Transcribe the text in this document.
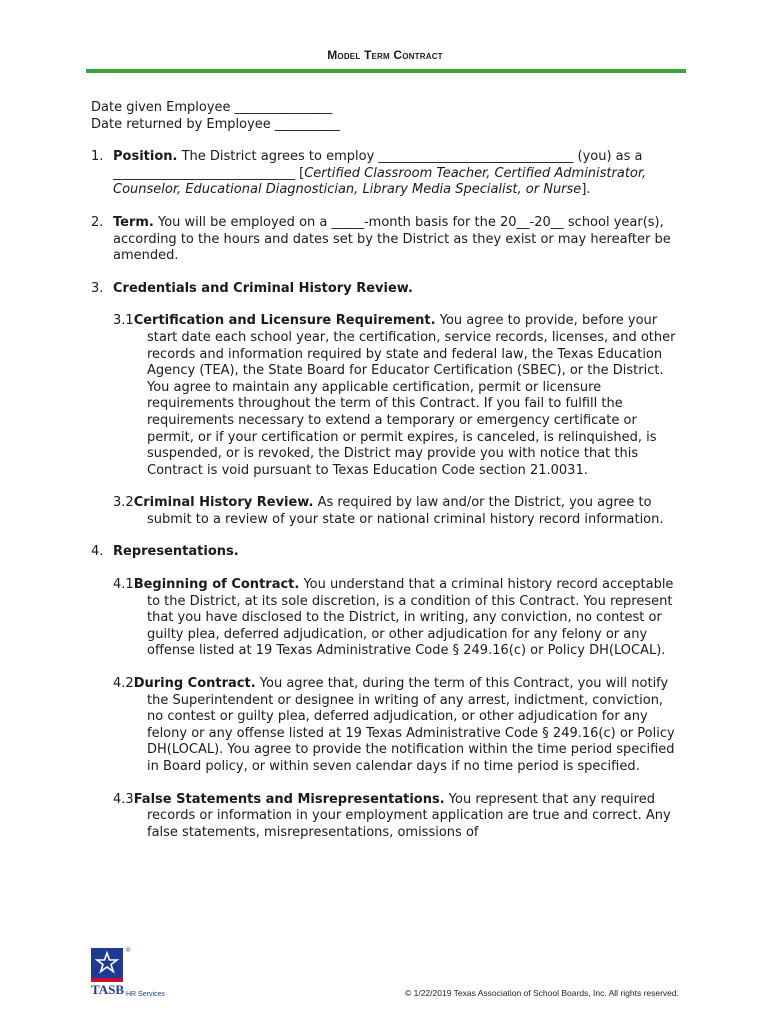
Model Term Contract

Date given Employee _______________

Date returned by Employee __________

1. Position. The District agrees to employ ______________________________ (you) as a ____________________________ [Certified Classroom Teacher, Certified Administrator, Counselor, Educational Diagnostician, Library Media Specialist, or Nurse].

2. Term. You will be employed on a _____-month basis for the 20__-20__ school year(s), according to the hours and dates set by the District as they exist or may hereafter be amended.

3. Credentials and Criminal History Review.

3.1Certification and Licensure Requirement. You agree to provide, before your start date each school year, the certification, service records, licenses, and other records and information required by state and federal law, the Texas Education Agency (TEA), the State Board for Educator Certification (SBEC), or the District. You agree to maintain any applicable certification, permit or licensure requirements throughout the term of this Contract. If you fail to fulfill the requirements necessary to extend a temporary or emergency certificate or permit, or if your certification or permit expires, is canceled, is relinquished, is suspended, or is revoked, the District may provide you with notice that this Contract is void pursuant to Texas Education Code section 21.0031.

3.2Criminal History Review. As required by law and/or the District, you agree to submit to a review of your state or national criminal history record information.

4. Representations.

4.1Beginning of Contract. You understand that a criminal history record acceptable to the District, at its sole discretion, is a condition of this Contract. You represent that you have disclosed to the District, in writing, any conviction, no contest or guilty plea, deferred adjudication, or other adjudication for any felony or any offense listed at 19 Texas Administrative Code § 249.16(c) or Policy DH(LOCAL).

4.2During Contract. You agree that, during the term of this Contract, you will notify the Superintendent or designee in writing of any arrest, indictment, conviction, no contest or guilty plea, deferred adjudication, or other adjudication for any felony or any offense listed at 19 Texas Administrative Code § 249.16(c) or Policy DH(LOCAL). You agree to provide the notification within the time period specified in Board policy, or within seven calendar days if no time period is specified.

4.3False Statements and Misrepresentations. You represent that any required records or information in your employment application are true and correct. Any false statements, misrepresentations, omissions of

TASB
®
HR Services	© 1/22/2019 Texas Association of School Boards, Inc. All rights reserved.
